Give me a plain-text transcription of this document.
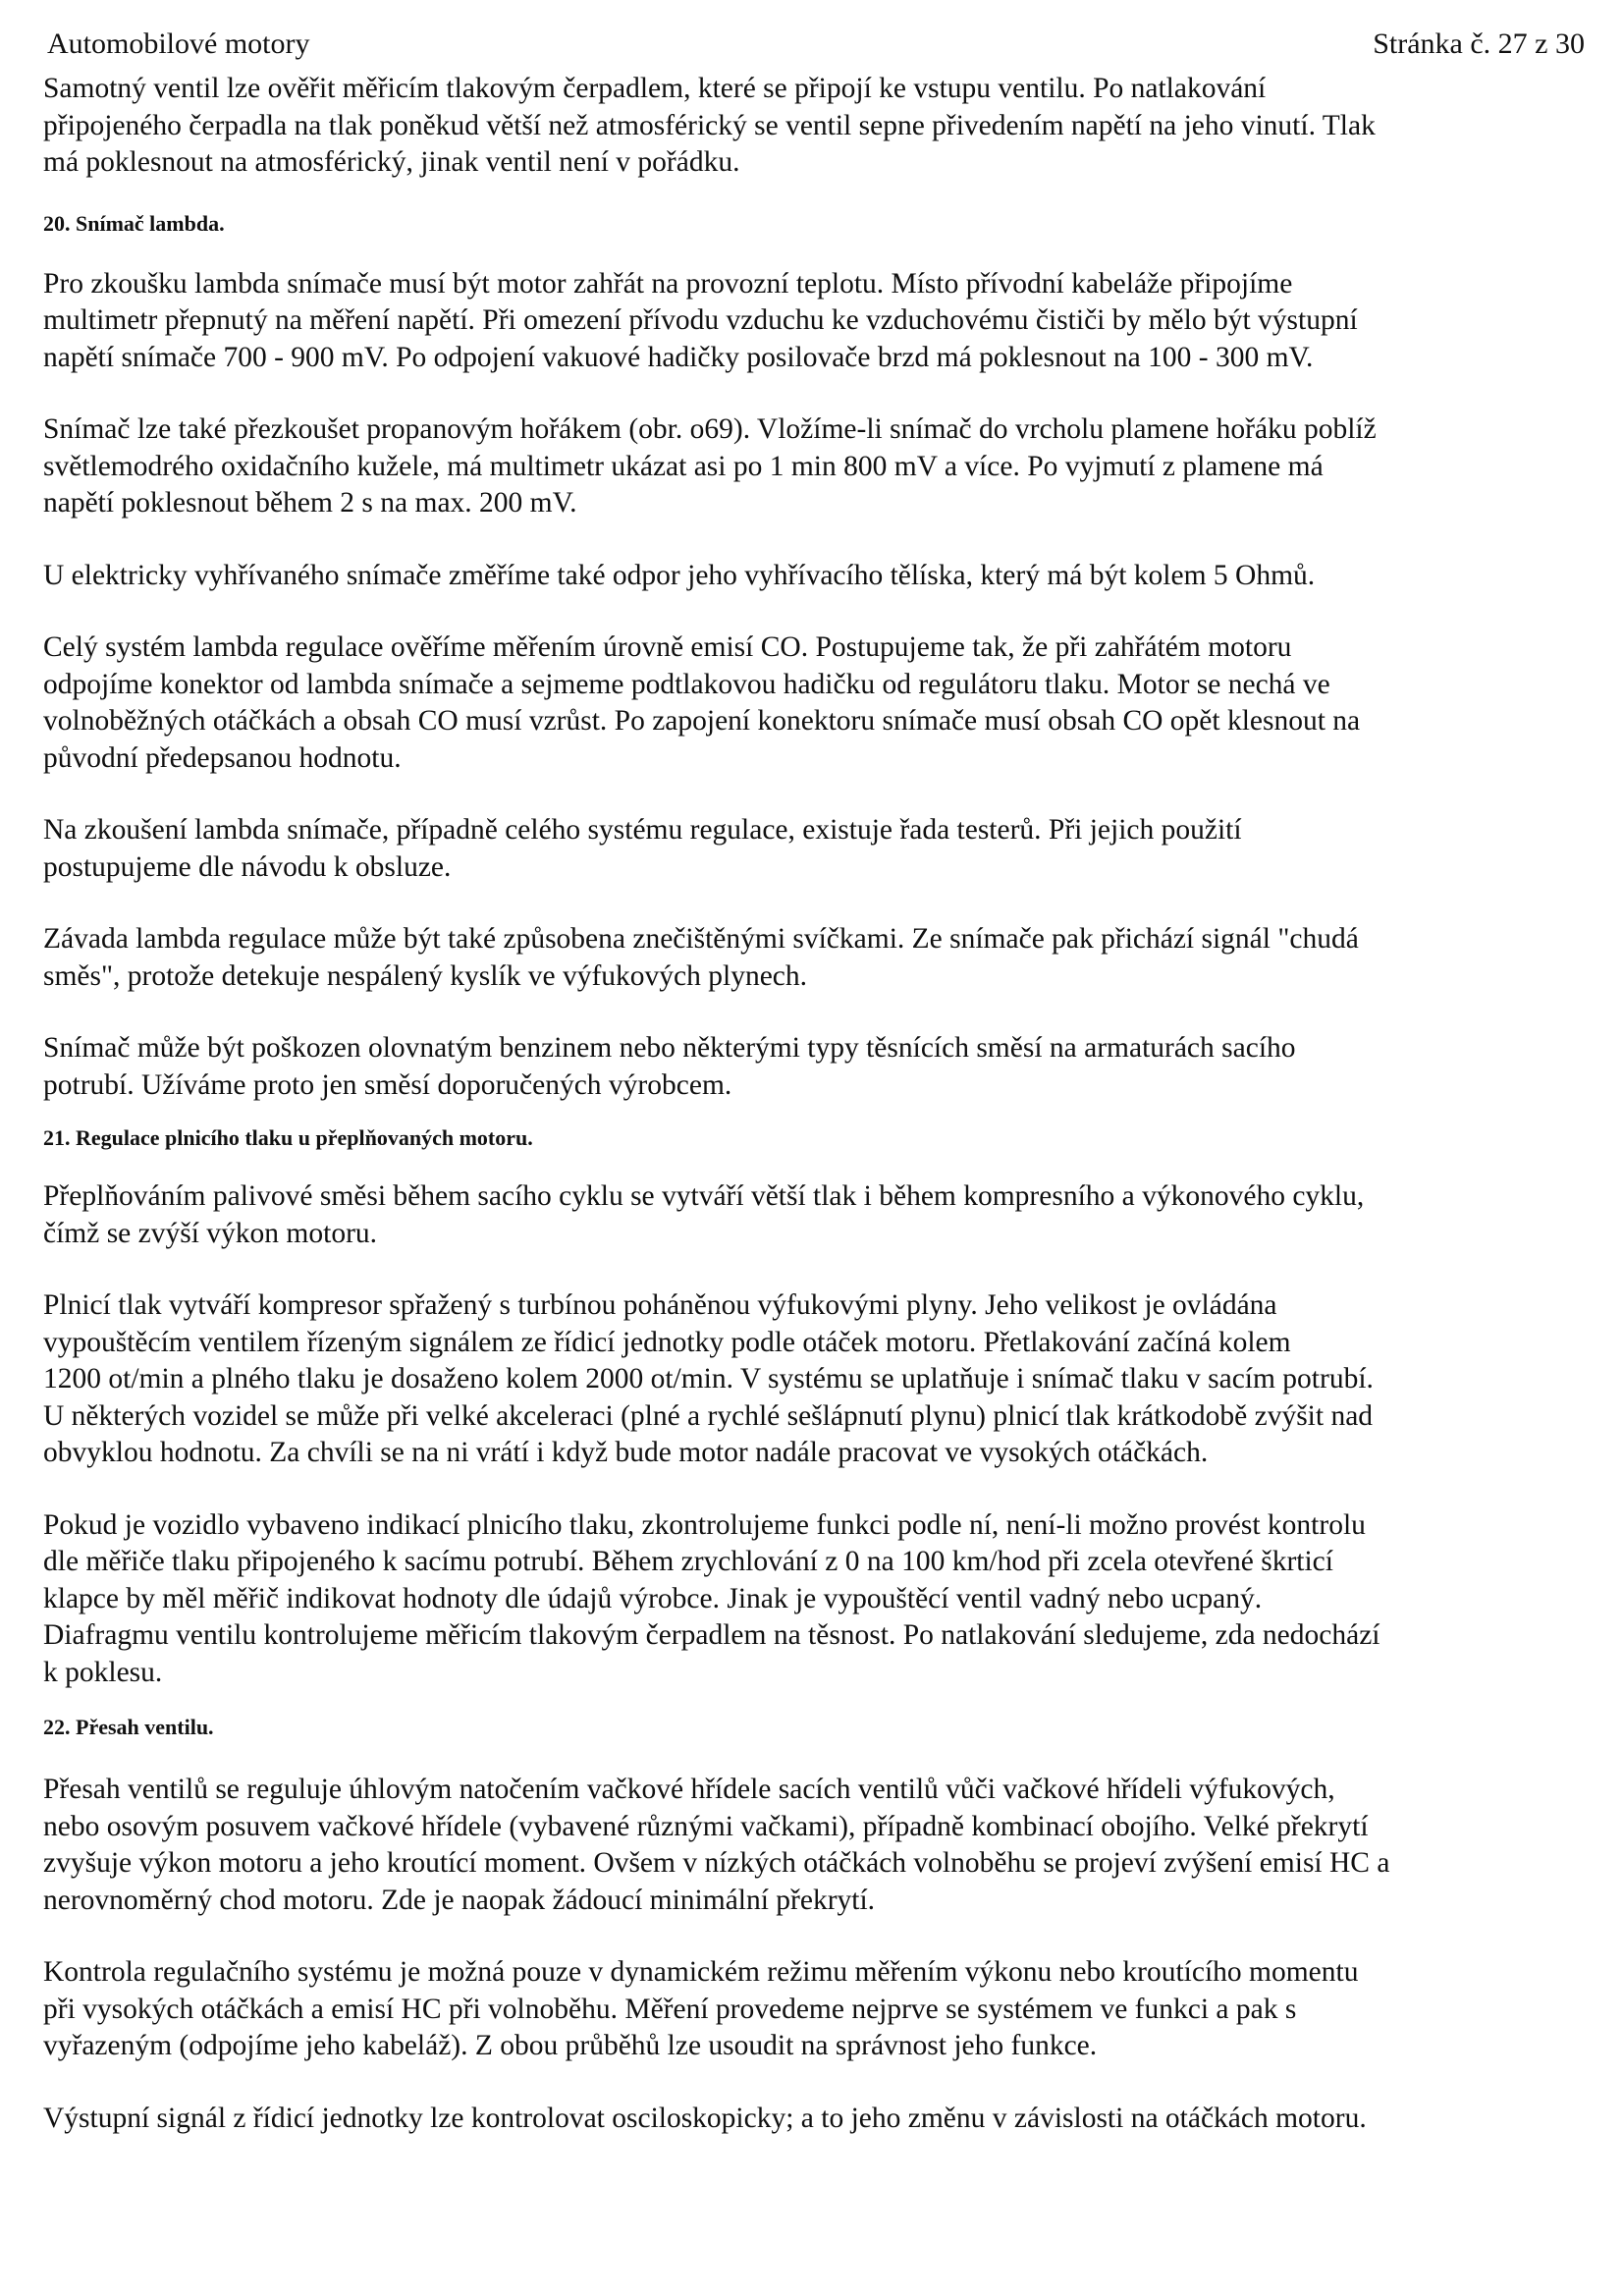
Automobilové motory	Stránka č. 27 z 30

Samotný ventil lze ověřit měřicím tlakovým čerpadlem, které se připojí ke vstupu ventilu. Po natlakování
připojeného čerpadla na tlak poněkud větší než atmosférický se ventil sepne přivedením napětí na jeho vinutí. Tlak
má poklesnout na atmosférický, jinak ventil není v pořádku.

20. Snímač lambda.

Pro zkoušku lambda snímače musí být motor zahřát na provozní teplotu. Místo přívodní kabeláže připojíme
multimetr přepnutý na měření napětí. Při omezení přívodu vzduchu ke vzduchovému čističi by mělo být výstupní
napětí snímače 700 - 900 mV. Po odpojení vakuové hadičky posilovače brzd má poklesnout na 100 - 300 mV.

Snímač lze také přezkoušet propanovým hořákem (obr. o69). Vložíme-li snímač do vrcholu plamene hořáku poblíž
světlemodrého oxidačního kužele, má multimetr ukázat asi po 1 min 800 mV a více. Po vyjmutí z plamene má
napětí poklesnout během 2 s na max. 200 mV.

U elektricky vyhřívaného snímače změříme také odpor jeho vyhřívacího tělíska, který má být kolem 5 Ohmů.

Celý systém lambda regulace ověříme měřením úrovně emisí CO. Postupujeme tak, že při zahřátém motoru
odpojíme konektor od lambda snímače a sejmeme podtlakovou hadičku od regulátoru tlaku. Motor se nechá ve
volnoběžných otáčkách a obsah CO musí vzrůst. Po zapojení konektoru snímače musí obsah CO opět klesnout na
původní předepsanou hodnotu.

Na zkoušení lambda snímače, případně celého systému regulace, existuje řada testerů. Při jejich použití
postupujeme dle návodu k obsluze.

Závada lambda regulace může být také způsobena znečištěnými svíčkami. Ze snímače pak přichází signál "chudá
směs", protože detekuje nespálený kyslík ve výfukových plynech.

Snímač může být poškozen olovnatým benzinem nebo některými typy těsnících směsí na armaturách sacího
potrubí. Užíváme proto jen směsí doporučených výrobcem.

21. Regulace plnicího tlaku u přeplňovaných motoru.

Přeplňováním palivové směsi během sacího cyklu se vytváří větší tlak i během kompresního a výkonového cyklu,
čímž se zvýší výkon motoru.

Plnicí tlak vytváří kompresor spřažený s turbínou poháněnou výfukovými plyny. Jeho velikost je ovládána
vypouštěcím ventilem řízeným signálem ze řídicí jednotky podle otáček motoru. Přetlakování začíná kolem
1200 ot/min a plného tlaku je dosaženo kolem 2000 ot/min. V systému se uplatňuje i snímač tlaku v sacím potrubí.
U některých vozidel se může při velké akceleraci (plné a rychlé sešlápnutí plynu) plnicí tlak krátkodobě zvýšit nad
obvyklou hodnotu. Za chvíli se na ni vrátí i když bude motor nadále pracovat ve vysokých otáčkách.

Pokud je vozidlo vybaveno indikací plnicího tlaku, zkontrolujeme funkci podle ní, není-li možno provést kontrolu
dle měřiče tlaku připojeného k sacímu potrubí. Během zrychlování z 0 na 100 km/hod při zcela otevřené škrticí
klapce by měl měřič indikovat hodnoty dle údajů výrobce. Jinak je vypouštěcí ventil vadný nebo ucpaný.
Diafragmu ventilu kontrolujeme měřicím tlakovým čerpadlem na těsnost. Po natlakování sledujeme, zda nedochází
k poklesu.

22. Přesah ventilu.

Přesah ventilů se reguluje úhlovým natočením vačkové hřídele sacích ventilů vůči vačkové hřídeli výfukových,
nebo osovým posuvem vačkové hřídele (vybavené různými vačkami), případně kombinací obojího. Velké překrytí
zvyšuje výkon motoru a jeho kroutící moment. Ovšem v nízkých otáčkách volnoběhu se projeví zvýšení emisí HC a
nerovnoměrný chod motoru. Zde je naopak žádoucí minimální překrytí.

Kontrola regulačního systému je možná pouze v dynamickém režimu měřením výkonu nebo kroutícího momentu
při vysokých otáčkách a emisí HC při volnoběhu. Měření provedeme nejprve se systémem ve funkci a pak s
vyřazeným (odpojíme jeho kabeláž). Z obou průběhů lze usoudit na správnost jeho funkce.

Výstupní signál z řídicí jednotky lze kontrolovat osciloskopicky; a to jeho změnu v závislosti na otáčkách motoru.
